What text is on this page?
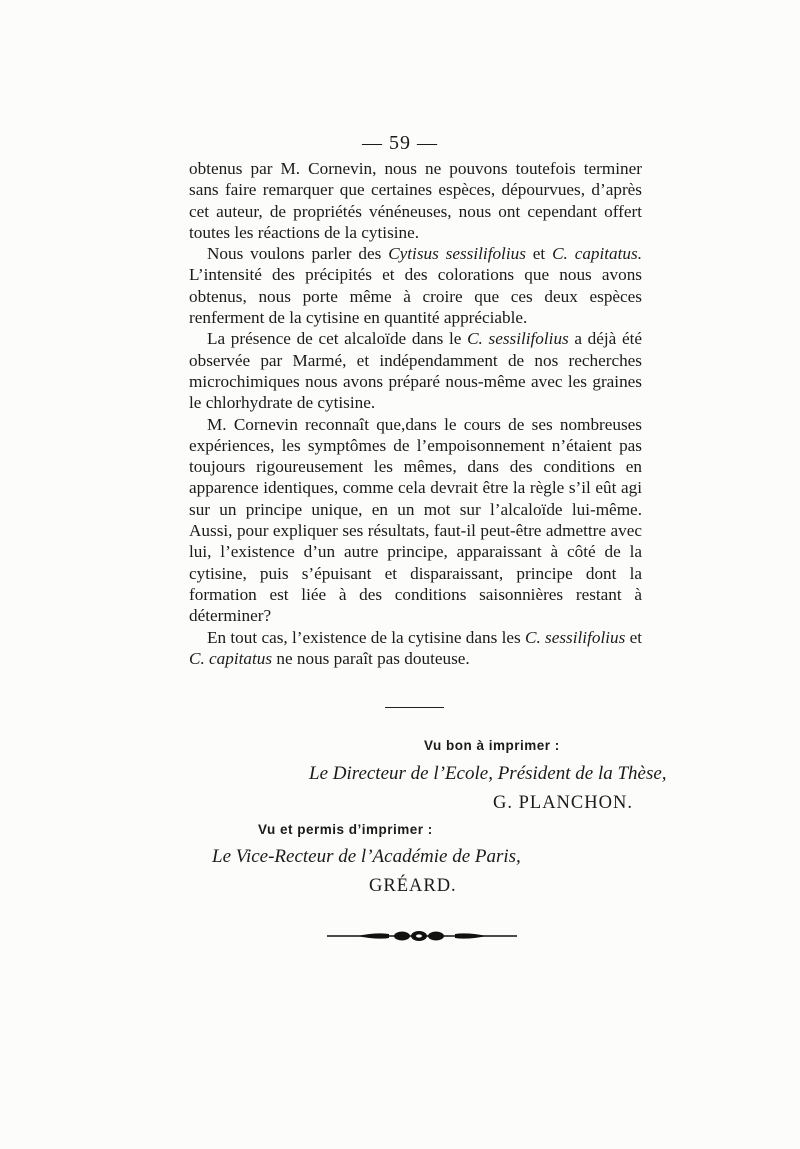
— 59 —

obtenus par M. Cornevin, nous ne pouvons toutefois terminer sans faire remarquer que certaines espèces, dépourvues, d’après cet auteur, de propriétés vénéneuses, nous ont cependant offert toutes les réactions de la cytisine.

Nous voulons parler des Cytisus sessilifolius et C. capitatus. L’intensité des précipités et des colorations que nous avons obtenus, nous porte même à croire que ces deux espèces renferment de la cytisine en quantité appréciable.

La présence de cet alcaloïde dans le C. sessilifolius a déjà été observée par Marmé, et indépendamment de nos recherches microchimiques nous avons préparé nous-même avec les graines le chlorhydrate de cytisine.

M. Cornevin reconnaît que,dans le cours de ses nombreuses expériences, les symptômes de l’empoisonnement n’étaient pas toujours rigoureusement les mêmes, dans des conditions en apparence identiques, comme cela devrait être la règle s’il eût agi sur un principe unique, en un mot sur l’alcaloïde lui-même. Aussi, pour expliquer ses résultats, faut-il peut-être admettre avec lui, l’existence d’un autre principe, apparaissant à côté de la cytisine, puis s’épuisant et disparaissant, principe dont la formation est liée à des conditions saisonnières restant à déterminer?

En tout cas, l’existence de la cytisine dans les C. sessilifolius et C. capitatus ne nous paraît pas douteuse.

Vu bon à imprimer :
Le Directeur de l’Ecole, Président de la Thèse,
G. PLANCHON.
Vu et permis d’imprimer :
Le Vice-Recteur de l’Académie de Paris,
GRÉARD.
